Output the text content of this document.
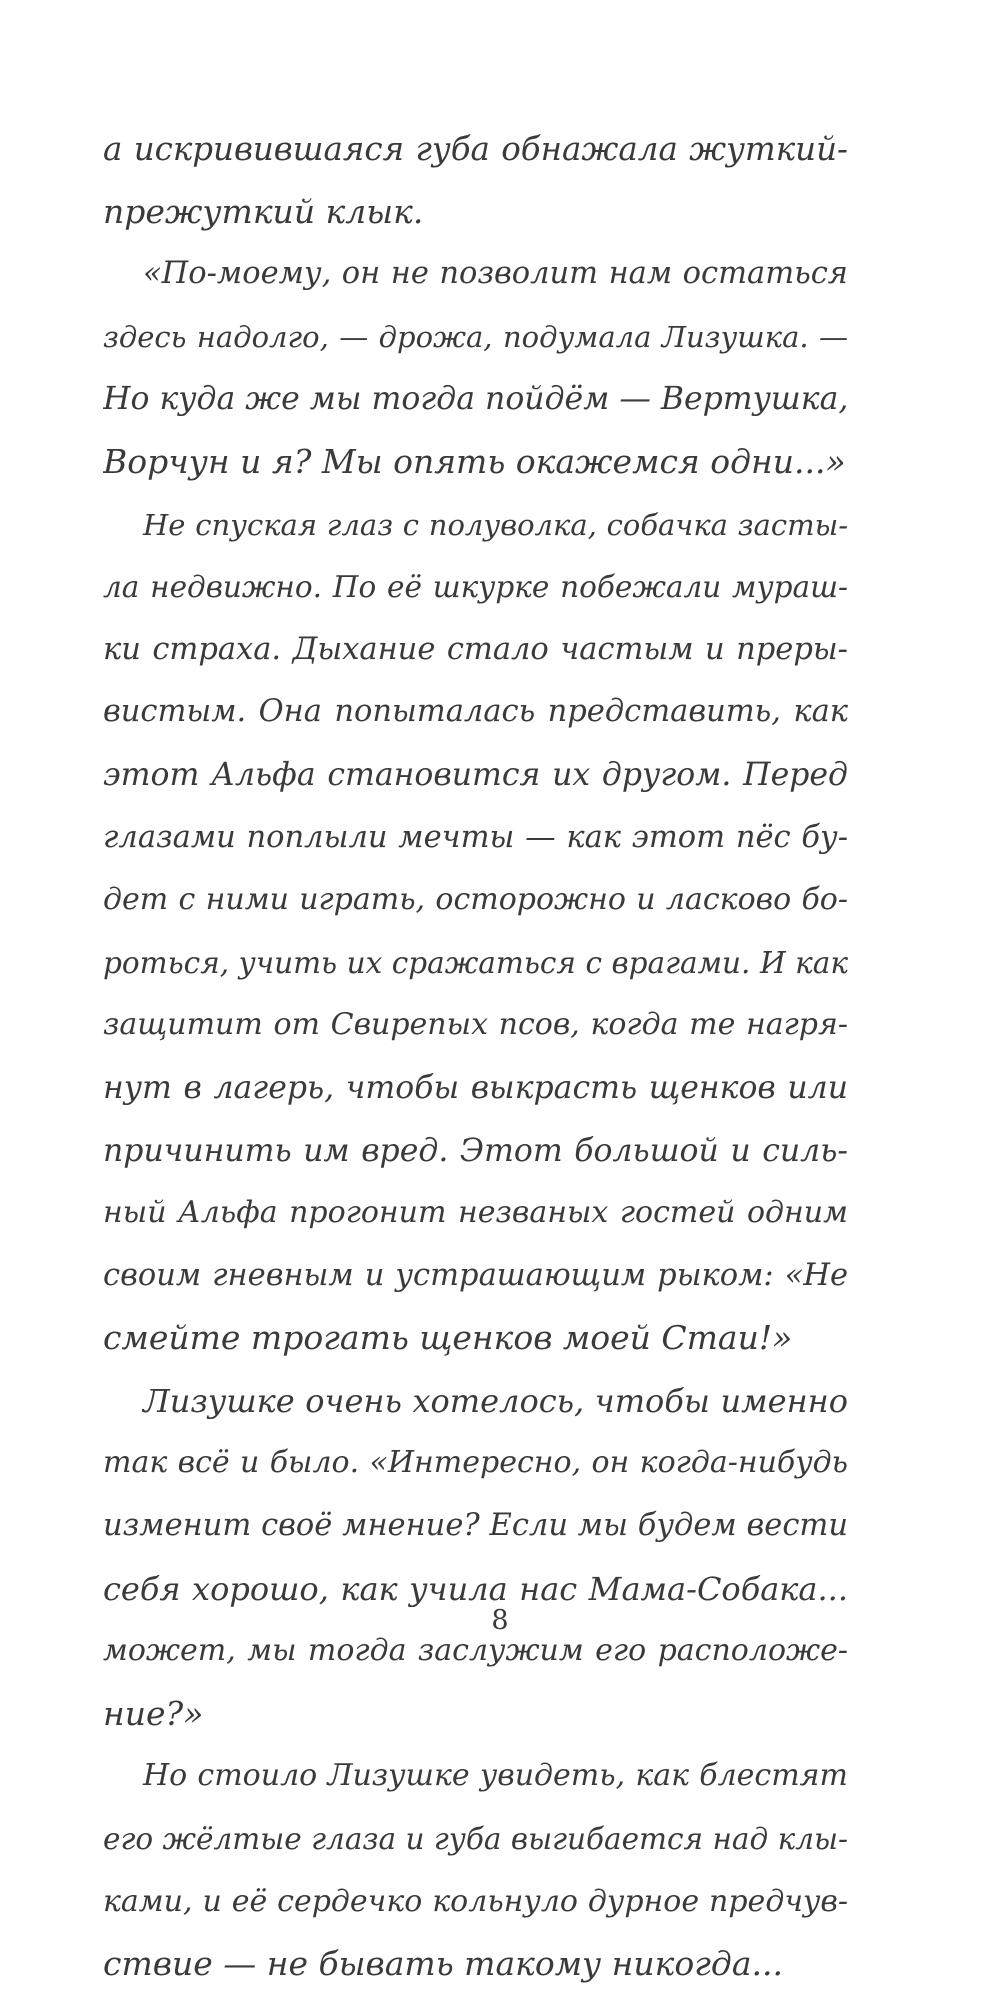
а искривившаяся губа обнажала жуткий-
прежуткий клык.
«По-моему, он не позволит нам остаться
здесь надолго, — дрожа, подумала Лизушка. —
Но куда же мы тогда пойдём — Вертушка,
Ворчун и я? Мы опять окажемся одни...»
Не спуская глаз с полуволка, собачка засты-
ла недвижно. По её шкурке побежали мураш-
ки страха. Дыхание стало частым и преры-
вистым. Она попыталась представить, как
этот Альфа становится их другом. Перед
глазами поплыли мечты — как этот пёс бу-
дет с ними играть, осторожно и ласково бо-
роться, учить их сражаться с врагами. И как
защитит от Свирепых псов, когда те нагря-
нут в лагерь, чтобы выкрасть щенков или
причинить им вред. Этот большой и силь-
ный Альфа прогонит незваных гостей одним
своим гневным и устрашающим рыком: «Не
смейте трогать щенков моей Стаи!»
Лизушке очень хотелось, чтобы именно
так всё и было. «Интересно, он когда-нибудь
изменит своё мнение? Если мы будем вести
себя хорошо, как учила нас Мама-Собака...
может, мы тогда заслужим его расположе-
ние?»
Но стоило Лизушке увидеть, как блестят
его жёлтые глаза и губа выгибается над клы-
ками, и её сердечко кольнуло дурное предчув-
ствие — не бывать такому никогда...
8
